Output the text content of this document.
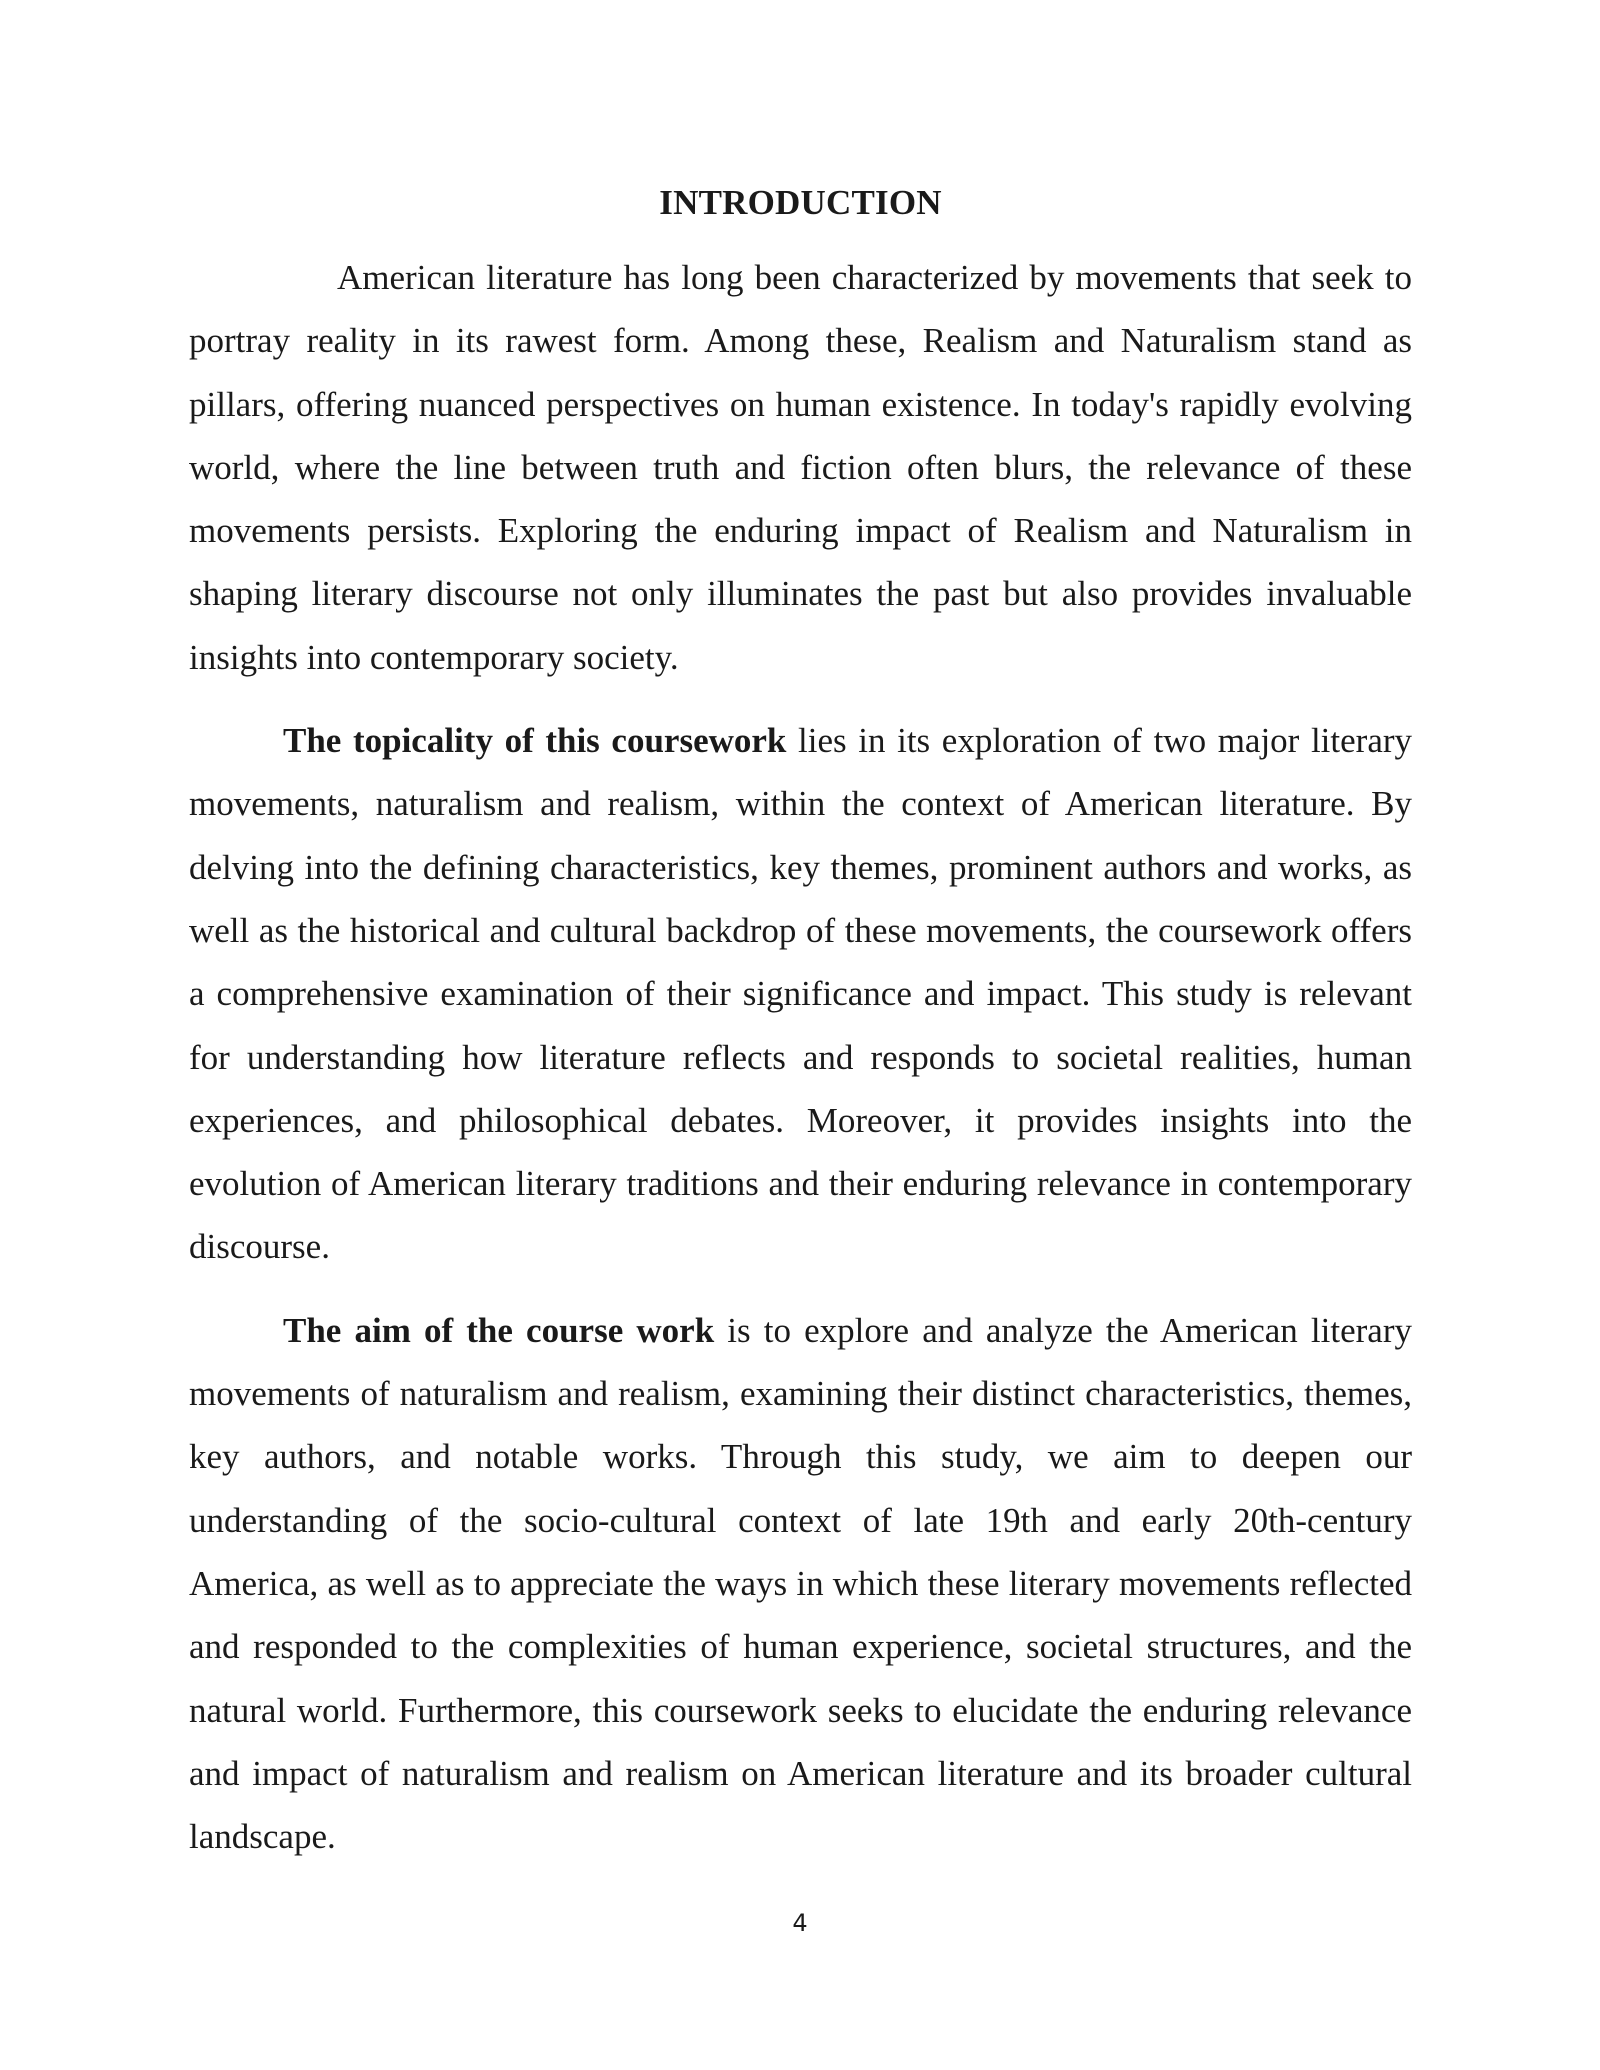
INTRODUCTION

American literature has long been characterized by movements that seek to portray reality in its rawest form. Among these, Realism and Naturalism stand as pillars, offering nuanced perspectives on human existence. In today's rapidly evolving world, where the line between truth and fiction often blurs, the relevance of these movements persists. Exploring the enduring impact of Realism and Naturalism in shaping literary discourse not only illuminates the past but also provides invaluable insights into contemporary society.

The topicality of this coursework lies in its exploration of two major literary movements, naturalism and realism, within the context of American literature. By delving into the defining characteristics, key themes, prominent authors and works, as well as the historical and cultural backdrop of these movements, the coursework offers a comprehensive examination of their significance and impact. This study is relevant for understanding how literature reflects and responds to societal realities, human experiences, and philosophical debates. Moreover, it provides insights into the evolution of American literary traditions and their enduring relevance in contemporary discourse.

The aim of the course work is to explore and analyze the American literary movements of naturalism and realism, examining their distinct characteristics, themes, key authors, and notable works. Through this study, we aim to deepen our understanding of the socio-cultural context of late 19th and early 20th-century America, as well as to appreciate the ways in which these literary movements reflected and responded to the complexities of human experience, societal structures, and the natural world. Furthermore, this coursework seeks to elucidate the enduring relevance and impact of naturalism and realism on American literature and its broader cultural landscape.

4
